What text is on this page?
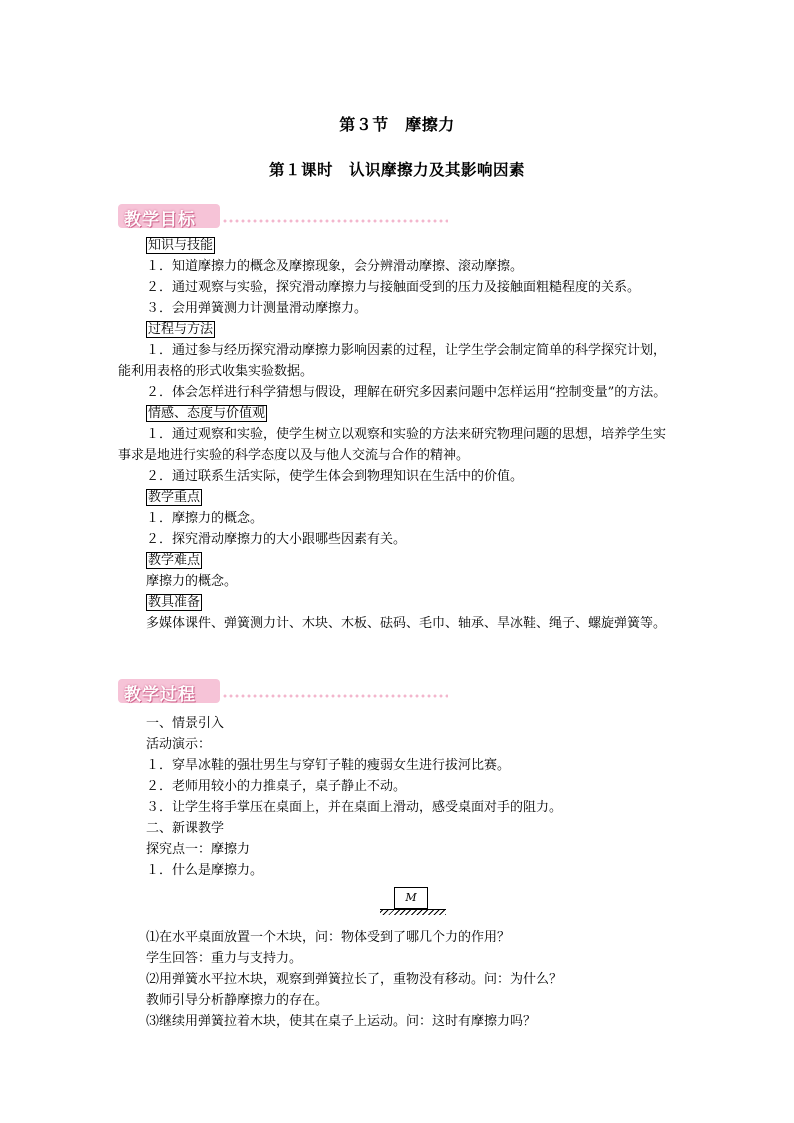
第３节　摩擦力
第１课时　认识摩擦力及其影响因素
教学目标
知识与技能
１．知道摩擦力的概念及摩擦现象，会分辨滑动摩擦、滚动摩擦。
２．通过观察与实验，探究滑动摩擦力与接触面受到的压力及接触面粗糙程度的关系。
３．会用弹簧测力计测量滑动摩擦力。
过程与方法
１．通过参与经历探究滑动摩擦力影响因素的过程，让学生学会制定简单的科学探究计划，能利用表格的形式收集实验数据。
２．体会怎样进行科学猜想与假设，理解在研究多因素问题中怎样运用“控制变量”的方法。
情感、态度与价值观
１．通过观察和实验，使学生树立以观察和实验的方法来研究物理问题的思想，培养学生实事求是地进行实验的科学态度以及与他人交流与合作的精神。
２．通过联系生活实际，使学生体会到物理知识在生活中的价值。
教学重点
１．摩擦力的概念。
２．探究滑动摩擦力的大小跟哪些因素有关。
教学难点
摩擦力的概念。
教具准备
多媒体课件、弹簧测力计、木块、木板、砝码、毛巾、轴承、旱冰鞋、绳子、螺旋弹簧等。
教学过程
一、情景引入
活动演示：
１．穿旱冰鞋的强壮男生与穿钉子鞋的瘦弱女生进行拔河比赛。
２．老师用较小的力推桌子，桌子静止不动。
３．让学生将手掌压在桌面上，并在桌面上滑动，感受桌面对手的阻力。
二、新课教学
探究点一：摩擦力
１．什么是摩擦力。
M
⑴在水平桌面放置一个木块，问：物体受到了哪几个力的作用？
学生回答：重力与支持力。
⑵用弹簧水平拉木块，观察到弹簧拉长了，重物没有移动。问：为什么？
教师引导分析静摩擦力的存在。
⑶继续用弹簧拉着木块，使其在桌子上运动。问：这时有摩擦力吗？
